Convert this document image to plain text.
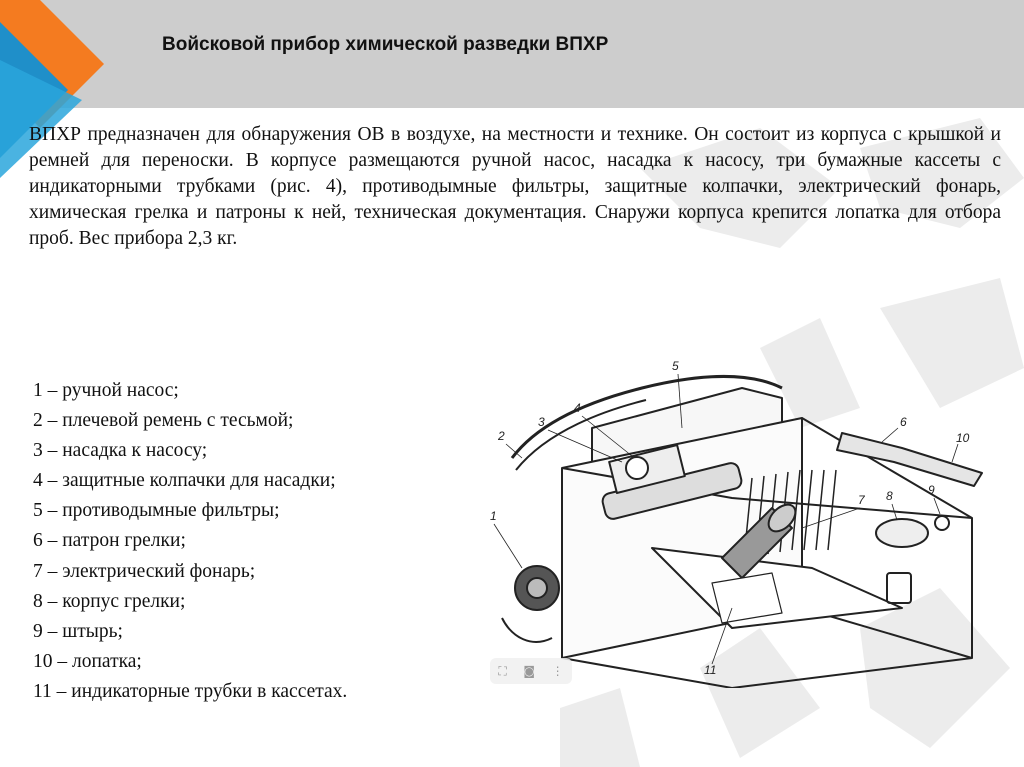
Войсковой прибор химической разведки ВПХР
ВПХР предназначен для обнаружения ОВ в воздухе, на местности и технике. Он состоит из корпуса с крышкой и ремней для переноски. В корпусе размещаются ручной насос, насадка к насосу, три бумажные кассеты с индикаторными трубками (рис. 4), противодымные фильтры, защитные колпачки, электрический фонарь, химическая грелка и патроны к ней, техническая документация. Снаружи корпуса крепится лопатка для отбора проб. Вес прибора 2,3 кг.
1 – ручной насос;
2 – плечевой ремень с тесьмой;
3 – насадка к насосу;
4 – защитные колпачки для насадки;
5 – противодымные фильтры;
6 – патрон грелки;
7 – электрический фонарь;
8 – корпус грелки;
9 – штырь;
10 – лопатка;
11 – индикаторные трубки в кассетах.
1
2
3
4
5
6
7 8	9
10
11
⛶ ◙ ⋮
